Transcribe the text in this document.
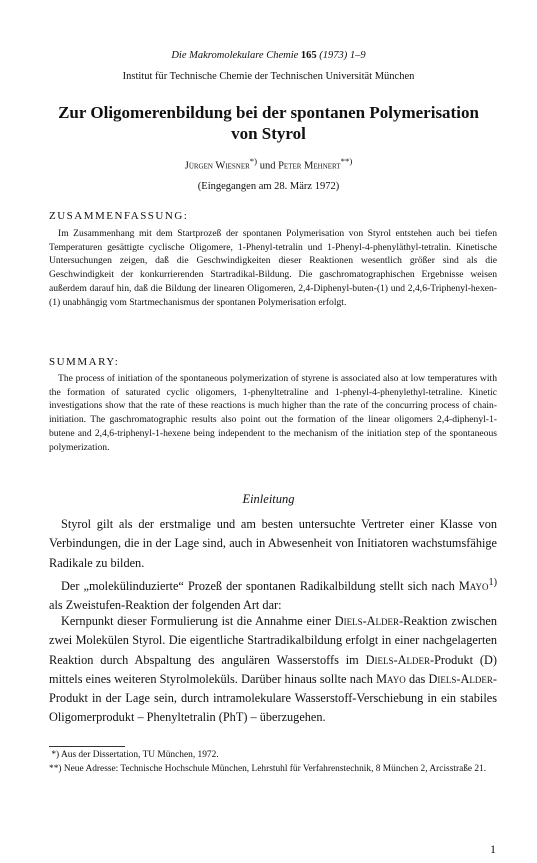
Die Makromolekulare Chemie 165 (1973) 1–9
Institut für Technische Chemie der Technischen Universität München
Zur Oligomerenbildung bei der spontanen Polymerisation
von Styrol
Jürgen Wiesner*) und Peter Mehnert**)
(Eingegangen am 28. März 1972)
ZUSAMMENFASSUNG:

Im Zusammenhang mit dem Startprozeß der spontanen Polymerisation von Styrol entstehen auch bei tiefen Temperaturen gesättigte cyclische Oligomere, 1-Phenyl-tetralin und 1-Phenyl-4-phenyläthyl-tetralin. Kinetische Untersuchungen zeigen, daß die Geschwindigkeiten dieser Reaktionen wesentlich größer sind als die Geschwindigkeit der konkurrierenden Startradikal-Bildung. Die gaschromatographischen Ergebnisse weisen außerdem darauf hin, daß die Bildung der linearen Oligomeren, 2,4-Diphenyl-buten-(1) und 2,4,6-Triphenyl-hexen-(1) unabhängig vom Startmechanismus der spontanen Polymerisation erfolgt.

SUMMARY:

The process of initiation of the spontaneous polymerization of styrene is associated also at low temperatures with the formation of saturated cyclic oligomers, 1-phenyltetraline and 1-phenyl-4-phenylethyl-tetraline. Kinetic investigations show that the rate of these reactions is much higher than the rate of the concurring process of chain-initiation. The gaschromatographic results also point out the formation of the linear oligomers 2,4-diphenyl-1-butene and 2,4,6-triphenyl-1-hexene being independent to the mechanism of the initiation step of the spontaneous polymerization.

Einleitung

Styrol gilt als der erstmalige und am besten untersuchte Vertreter einer Klasse von Verbindungen, die in der Lage sind, auch in Abwesenheit von Initiatoren wachstumsfähige Radikale zu bilden.

Der „molekülinduzierte“ Prozeß der spontanen Radikalbildung stellt sich nach Mayo$^{1)}$ als Zweistufen-Reaktion der folgenden Art dar:

Kernpunkt dieser Formulierung ist die Annahme einer Diels-Alder-Reaktion zwischen zwei Molekülen Styrol. Die eigentliche Startradikalbildung erfolgt in einer nachgelagerten Reaktion durch Abspaltung des angulären Wasserstoffs im Diels-Alder-Produkt (D) mittels eines weiteren Styrolmoleküls. Darüber hinaus sollte nach Mayo das Diels-Alder-Produkt in der Lage sein, durch intramolekulare Wasserstoff-Verschiebung in ein stabiles Oligomerprodukt – Phenyltetralin (PhT) – überzugehen.

*) Aus der Dissertation, TU München, 1972.
**) Neue Adresse: Technische Hochschule München, Lehrstuhl für Verfahrenstechnik, 8 München 2, Arcisstraße 21.
1
